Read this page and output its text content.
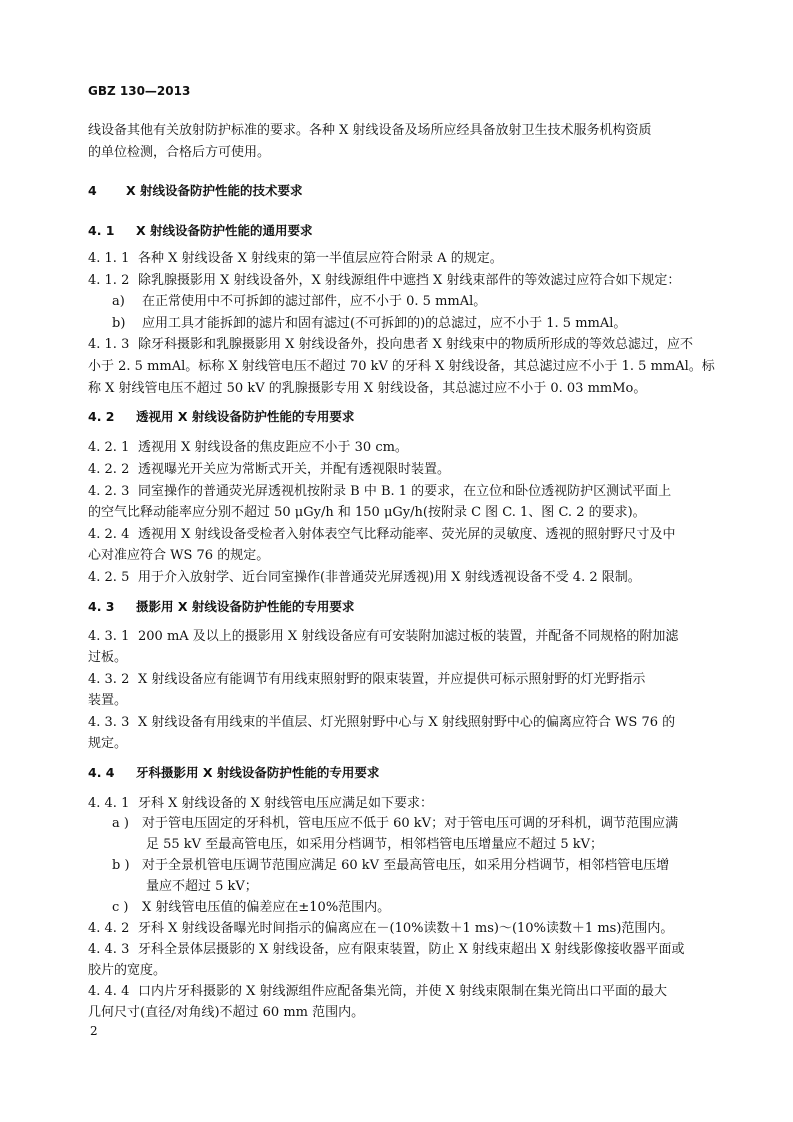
GBZ 130—2013
线设备其他有关放射防护标准的要求。各种 X 射线设备及场所应经具备放射卫生技术服务机构资质
的单位检测，合格后方可使用。
4 X 射线设备防护性能的技术要求
4. 1 X 射线设备防护性能的通用要求
4. 1. 1 各种 X 射线设备 X 射线束的第一半值层应符合附录 A 的规定。
4. 1. 2 除乳腺摄影用 X 射线设备外，X 射线源组件中遮挡 X 射线束部件的等效滤过应符合如下规定：
a) 在正常使用中不可拆卸的滤过部件，应不小于 0. 5 mmAl。
b) 应用工具才能拆卸的滤片和固有滤过(不可拆卸的)的总滤过，应不小于 1. 5 mmAl。
4. 1. 3 除牙科摄影和乳腺摄影用 X 射线设备外，投向患者 X 射线束中的物质所形成的等效总滤过，应不
小于 2. 5 mmAl。标称 X 射线管电压不超过 70 kV 的牙科 X 射线设备，其总滤过应不小于 1. 5 mmAl。标
称 X 射线管电压不超过 50 kV 的乳腺摄影专用 X 射线设备，其总滤过应不小于 0. 03 mmMo。
4. 2 透视用 X 射线设备防护性能的专用要求
4. 2. 1 透视用 X 射线设备的焦皮距应不小于 30 cm。
4. 2. 2 透视曝光开关应为常断式开关，并配有透视限时装置。
4. 2. 3 同室操作的普通荧光屏透视机按附录 B 中 B. 1 的要求，在立位和卧位透视防护区测试平面上
的空气比释动能率应分别不超过 50 μGy/h 和 150 μGy/h(按附录 C 图 C. 1、图 C. 2 的要求)。
4. 2. 4 透视用 X 射线设备受检者入射体表空气比释动能率、荧光屏的灵敏度、透视的照射野尺寸及中
心对准应符合 WS 76 的规定。
4. 2. 5 用于介入放射学、近台同室操作(非普通荧光屏透视)用 X 射线透视设备不受 4. 2 限制。
4. 3 摄影用 X 射线设备防护性能的专用要求
4. 3. 1 200 mA 及以上的摄影用 X 射线设备应有可安装附加滤过板的装置，并配备不同规格的附加滤
过板。
4. 3. 2 X 射线设备应有能调节有用线束照射野的限束装置，并应提供可标示照射野的灯光野指示
装置。
4. 3. 3 X 射线设备有用线束的半值层、灯光照射野中心与 X 射线照射野中心的偏离应符合 WS 76 的
规定。
4. 4 牙科摄影用 X 射线设备防护性能的专用要求
4. 4. 1 牙科 X 射线设备的 X 射线管电压应满足如下要求：
a ) 对于管电压固定的牙科机，管电压应不低于 60 kV；对于管电压可调的牙科机，调节范围应满
足 55 kV 至最高管电压，如采用分档调节，相邻档管电压增量应不超过 5 kV；
b ) 对于全景机管电压调节范围应满足 60 kV 至最高管电压，如采用分档调节，相邻档管电压增
量应不超过 5 kV；
c ) X 射线管电压值的偏差应在±10%范围内。
4. 4. 2 牙科 X 射线设备曝光时间指示的偏离应在－(10%读数＋1 ms)～(10%读数＋1 ms)范围内。
4. 4. 3 牙科全景体层摄影的 X 射线设备，应有限束装置，防止 X 射线束超出 X 射线影像接收器平面或
胶片的宽度。
4. 4. 4 口内片牙科摄影的 X 射线源组件应配备集光筒，并使 X 射线束限制在集光筒出口平面的最大
几何尺寸(直径/对角线)不超过 60 mm 范围内。
2
